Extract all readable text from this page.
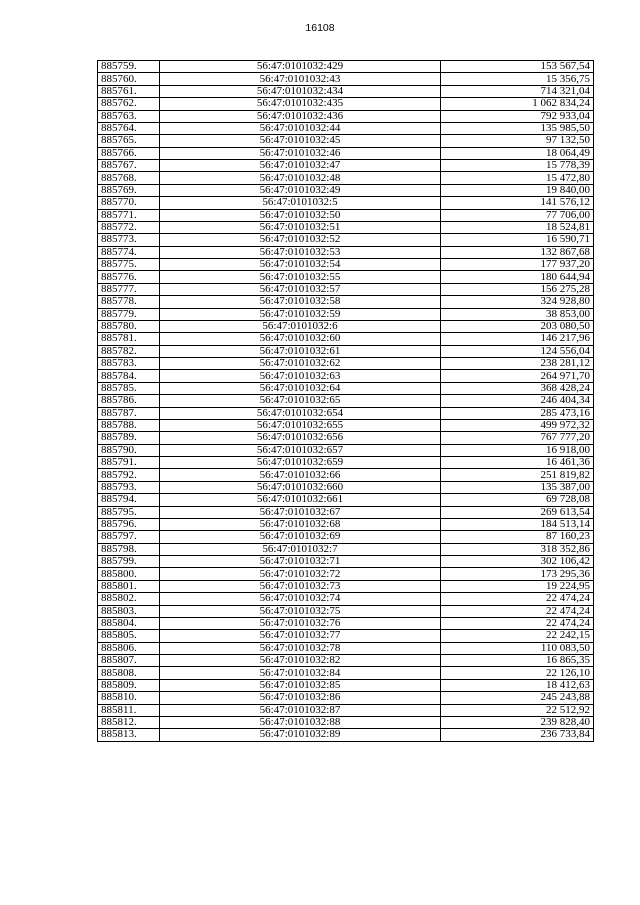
16108
885759.	56:47:0101032:429	153 567,54
885760.	56:47:0101032:43	15 356,75
885761.	56:47:0101032:434	714 321,04
885762.	56:47:0101032:435	1 062 834,24
885763.	56:47:0101032:436	792 933,04
885764.	56:47:0101032:44	135 985,50
885765.	56:47:0101032:45	97 132,50
885766.	56:47:0101032:46	18 064,49
885767.	56:47:0101032:47	15 778,39
885768.	56:47:0101032:48	15 472,80
885769.	56:47:0101032:49	19 840,00
885770.	56:47:0101032:5	141 576,12
885771.	56:47:0101032:50	77 706,00
885772.	56:47:0101032:51	18 524,81
885773.	56:47:0101032:52	16 590,71
885774.	56:47:0101032:53	132 867,68
885775.	56:47:0101032:54	177 937,20
885776.	56:47:0101032:55	180 644,94
885777.	56:47:0101032:57	156 275,28
885778.	56:47:0101032:58	324 928,80
885779.	56:47:0101032:59	38 853,00
885780.	56:47:0101032:6	203 080,50
885781.	56:47:0101032:60	146 217,96
885782.	56:47:0101032:61	124 556,04
885783.	56:47:0101032:62	238 281,12
885784.	56:47:0101032:63	264 971,70
885785.	56:47:0101032:64	368 428,24
885786.	56:47:0101032:65	246 404,34
885787.	56:47:0101032:654	285 473,16
885788.	56:47:0101032:655	499 972,32
885789.	56:47:0101032:656	767 777,20
885790.	56:47:0101032:657	16 918,00
885791.	56:47:0101032:659	16 461,36
885792.	56:47:0101032:66	251 819,82
885793.	56:47:0101032:660	135 387,00
885794.	56:47:0101032:661	69 728,08
885795.	56:47:0101032:67	269 613,54
885796.	56:47:0101032:68	184 513,14
885797.	56:47:0101032:69	87 160,23
885798.	56:47:0101032:7	318 352,86
885799.	56:47:0101032:71	302 106,42
885800.	56:47:0101032:72	173 295,36
885801.	56:47:0101032:73	19 224,95
885802.	56:47:0101032:74	22 474,24
885803.	56:47:0101032:75	22 474,24
885804.	56:47:0101032:76	22 474,24
885805.	56:47:0101032:77	22 242,15
885806.	56:47:0101032:78	110 083,50
885807.	56:47:0101032:82	16 865,35
885808.	56:47:0101032:84	22 126,10
885809.	56:47:0101032:85	18 412,63
885810.	56:47:0101032:86	245 243,88
885811.	56:47:0101032:87	22 512,92
885812.	56:47:0101032:88	239 828,40
885813.	56:47:0101032:89	236 733,84
